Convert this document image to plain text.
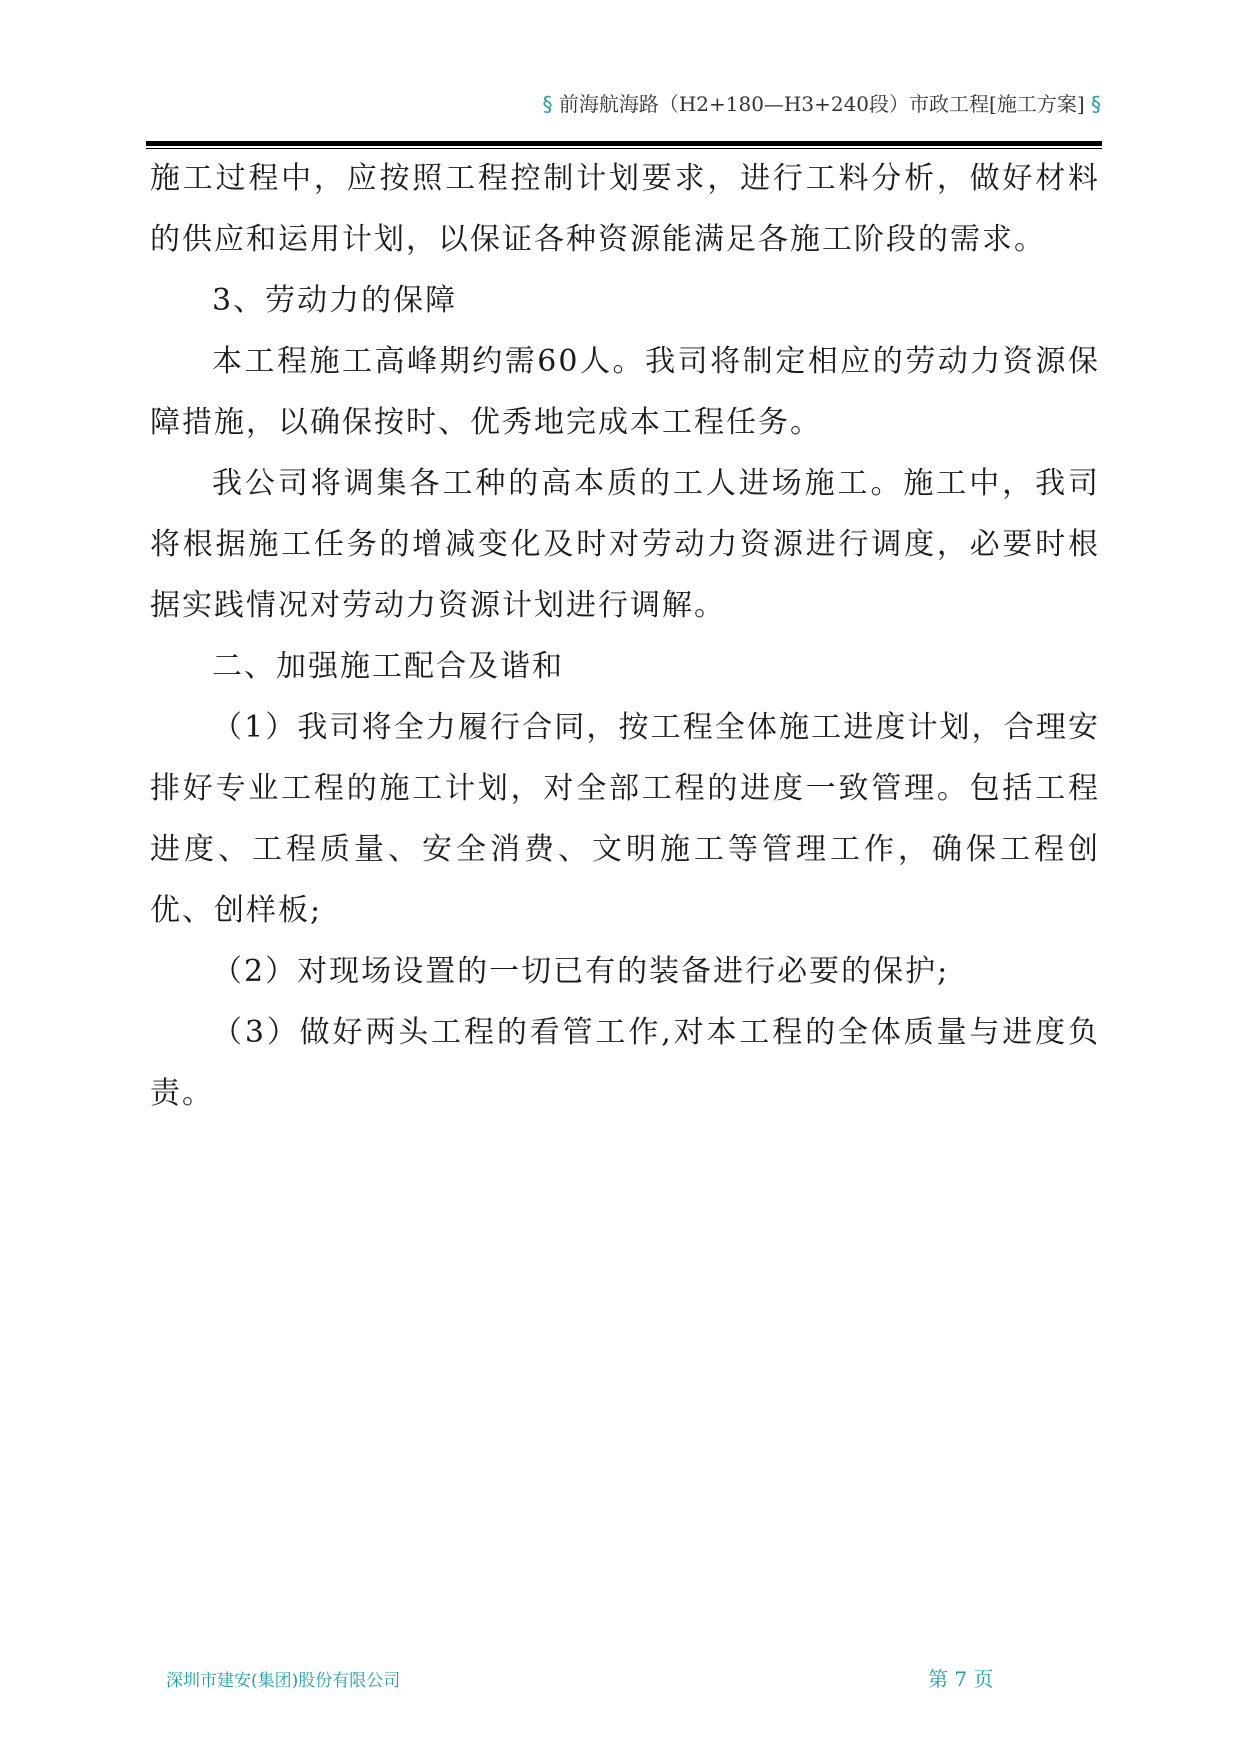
§ 前海航海路（H2+180—H3+240段）市政工程[施工方案] §

施工过程中，应按照工程控制计划要求，进行工料分析，做好材料的供应和运用计划，以保证各种资源能满足各施工阶段的需求。

3、劳动力的保障

本工程施工高峰期约需60人。我司将制定相应的劳动力资源保障措施，以确保按时、优秀地完成本工程任务。

我公司将调集各工种的高本质的工人进场施工。施工中，我司将根据施工任务的增减变化及时对劳动力资源进行调度，必要时根据实践情况对劳动力资源计划进行调解。

二、加强施工配合及谐和

（1）我司将全力履行合同，按工程全体施工进度计划，合理安排好专业工程的施工计划，对全部工程的进度一致管理。包括工程进度、工程质量、安全消费、文明施工等管理工作，确保工程创优、创样板;

（2）对现场设置的一切已有的装备进行必要的保护;

（3）做好两头工程的看管工作,对本工程的全体质量与进度负责。

深圳市建安(集团)股份有限公司	第 7 页
